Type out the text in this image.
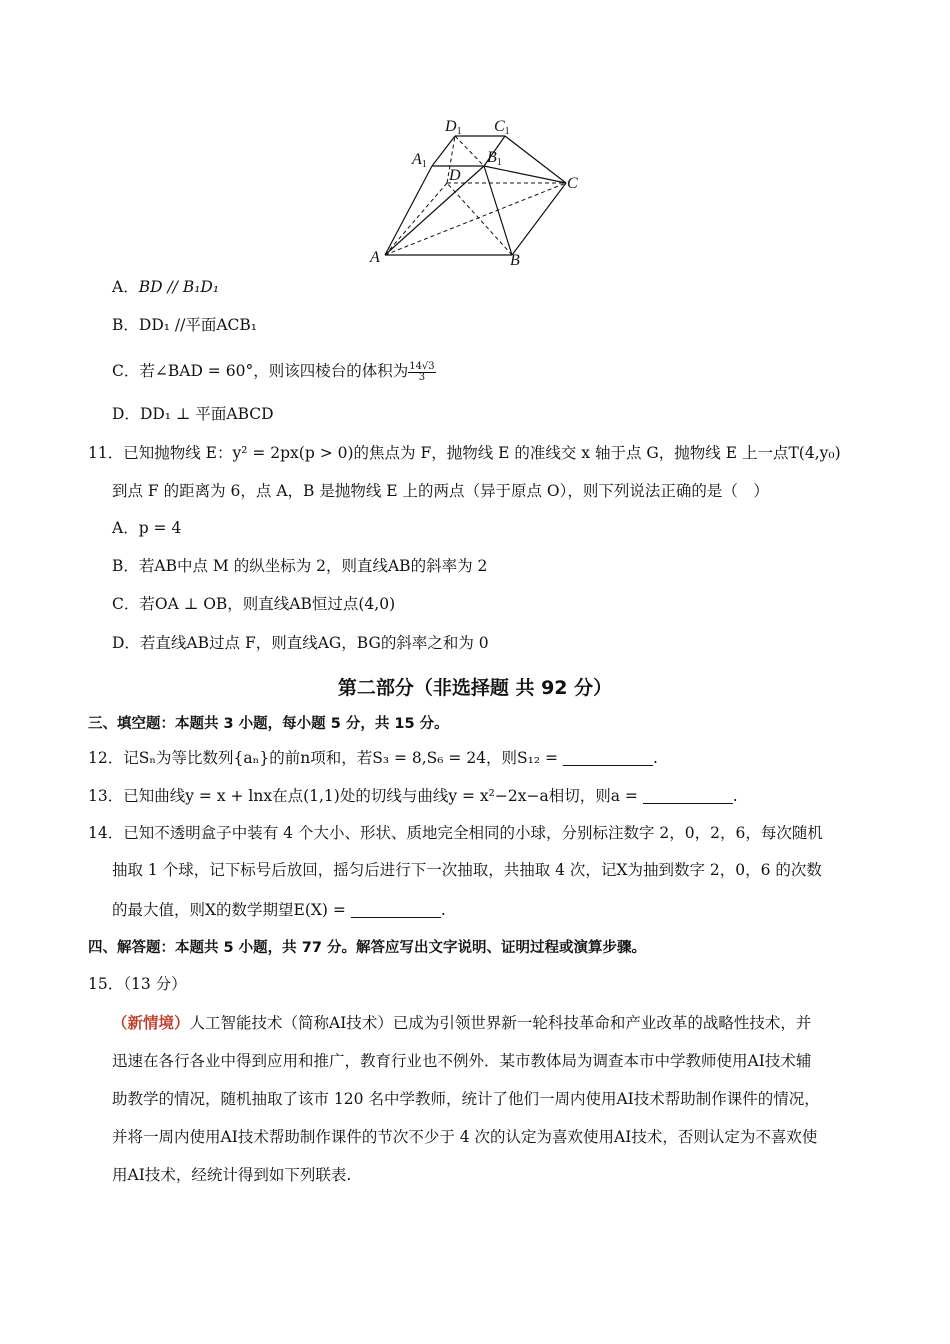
D1 C1
A1	B1
D	C
A	B
A．BD // B₁D₁
B．DD₁ //平面ACB₁
C．若∠BAD = 60°，则该四棱台的体积为 $\frac{14√3}{3}$
D．DD₁ ⊥ 平面ABCD
11．已知抛物线 E：y² = 2px(p > 0)的焦点为 F，抛物线 E 的准线交 x 轴于点 G，抛物线 E 上一点T(4,y₀)
到点 F 的距离为 6，点 A，B 是抛物线 E 上的两点（异于原点 O），则下列说法正确的是（　）
A．p = 4
B．若AB中点 M 的纵坐标为 2，则直线AB的斜率为 2
C．若OA ⊥ OB，则直线AB恒过点(4,0)
D．若直线AB过点 F，则直线AG，BG的斜率之和为 0
第二部分（非选择题 共 92 分）
三、填空题：本题共 3 小题，每小题 5 分，共 15 分。
12．记Sₙ为等比数列{aₙ}的前n项和，若S₃ = 8,S₆ = 24，则S₁₂ =	.
13．已知曲线y = x + lnx在点(1,1)处的切线与曲线y = x²−2x−a相切，则a =	.
14．已知不透明盒子中装有 4 个大小、形状、质地完全相同的小球，分别标注数字 2，0，2，6，每次随机
抽取 1 个球，记下标号后放回，摇匀后进行下一次抽取，共抽取 4 次，记X为抽到数字 2，0，6 的次数
的最大值，则X的数学期望E(X) =	.
四、解答题：本题共 5 小题，共 77 分。解答应写出文字说明、证明过程或演算步骤。
15．（13 分）
（新情境）人工智能技术（简称AI技术）已成为引领世界新一轮科技革命和产业改革的战略性技术，并
迅速在各行各业中得到应用和推广，教育行业也不例外．某市教体局为调查本市中学教师使用AI技术辅
助教学的情况，随机抽取了该市 120 名中学教师，统计了他们一周内使用AI技术帮助制作课件的情况，
并将一周内使用AI技术帮助制作课件的节次不少于 4 次的认定为喜欢使用AI技术，否则认定为不喜欢使
用AI技术，经统计得到如下列联表.
